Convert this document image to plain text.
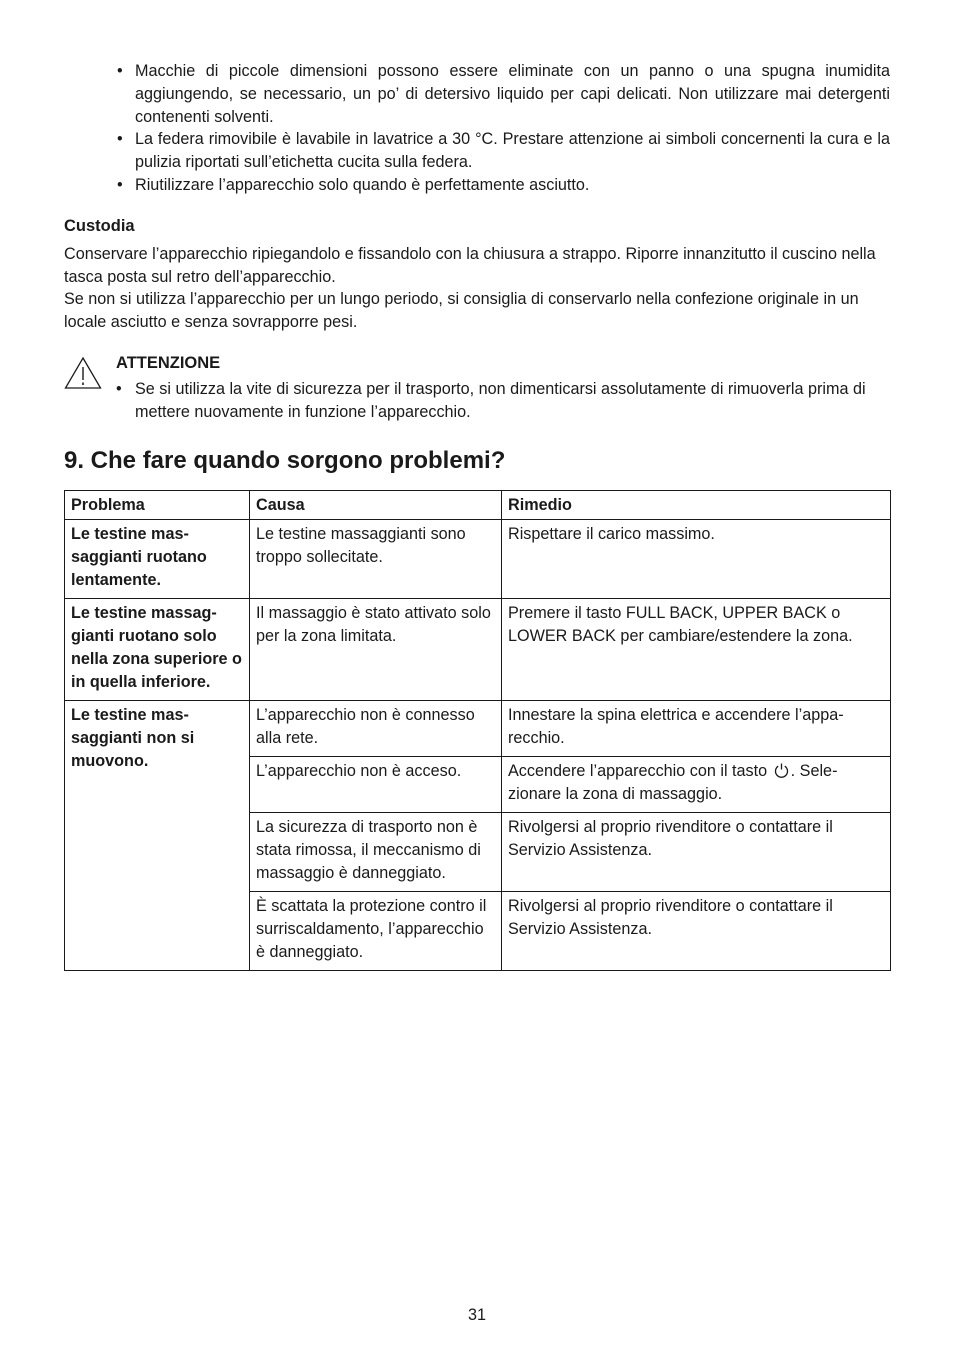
• Macchie di piccole dimensioni possono essere eliminate con un panno o una spugna inumidita aggiungendo, se necessario, un po’ di detersivo liquido per capi delicati. Non utilizzare mai detergenti contenenti solventi.
• La federa rimovibile è lavabile in lavatrice a 30 °C. Prestare attenzione ai simboli concernenti la cura e la pulizia riportati sull’etichetta cucita sulla federa.
• Riutilizzare l’apparecchio solo quando è perfettamente asciutto.
Custodia

Conservare l’apparecchio ripiegandolo e fissandolo con la chiusura a strappo. Riporre innanzitutto il cuscino nella tasca posta sul retro dell’apparecchio.

Se non si utilizza l’apparecchio per un lungo periodo, si consiglia di conservarlo nella confezione originale in un locale asciutto e senza sovrapporre pesi.

ATTENZIONE
• Se si utilizza la vite di sicurezza per il trasporto, non dimenticarsi assolutamente di rimuoverla prima di mettere nuovamente in funzione l’apparecchio.
9. Che fare quando sorgono problemi?
Problema	Causa	Rimedio
Le testine massaggianti ruotano lentamente.	Le testine massaggianti sono troppo sollecitate.	Rispettare il carico massimo.
Le testine massaggianti ruotano solo nella zona superiore o in quella inferiore.	Il massaggio è stato attivato solo per la zona limitata.	Premere il tasto FULL BACK, UPPER BACK o LOWER BACK per cambiare/estendere la zona.
Le testine massaggianti non si muovono.	L’apparecchio non è connesso alla rete.	Innestare la spina elettrica e accendere l’apparecchio.
	L’apparecchio non è acceso.	Accendere l’apparecchio con il tasto . Selezionare la zona di massaggio.
	La sicurezza di trasporto non è stata rimossa, il meccanismo di massaggio è danneggiato.	Rivolgersi al proprio rivenditore o contattare il Servizio Assistenza.
	È scattata la protezione contro il surriscaldamento, l’apparecchio è danneggiato.	Rivolgersi al proprio rivenditore o contattare il Servizio Assistenza.
31
